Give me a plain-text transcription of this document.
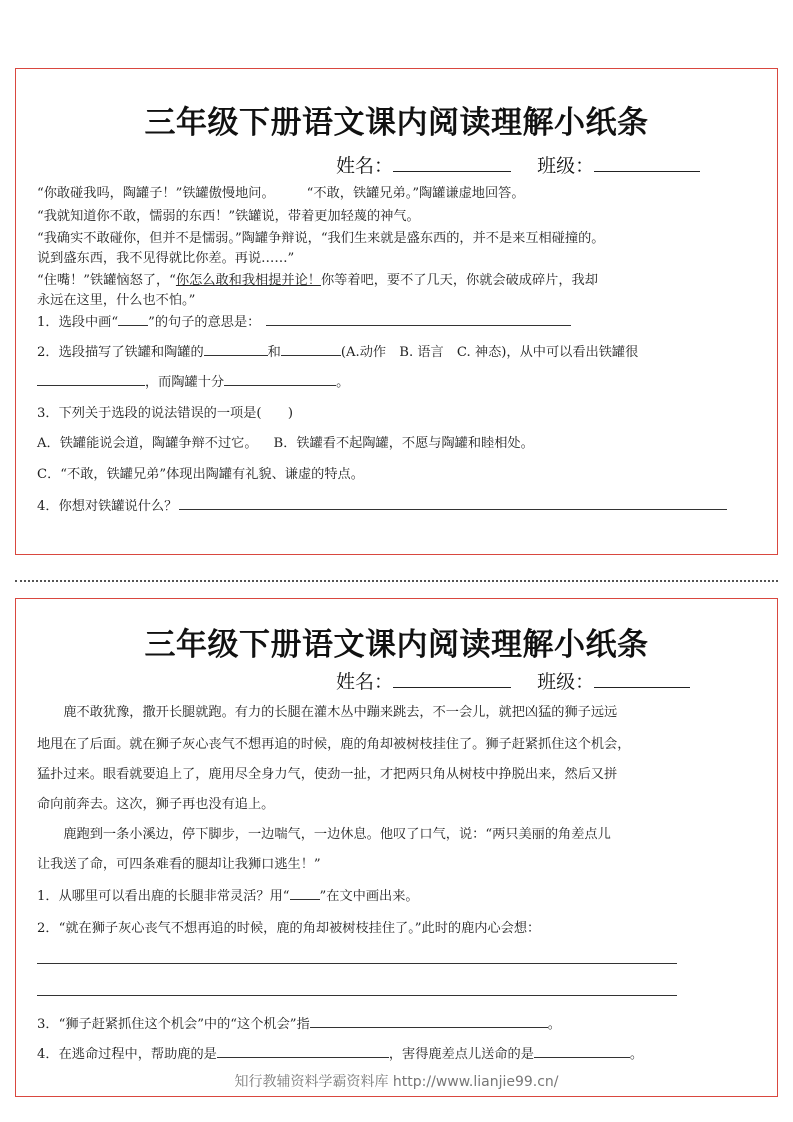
三年级下册语文课内阅读理解小纸条
姓名：	班级：
“你敢碰我吗，陶罐子！”铁罐傲慢地问。 “不敢，铁罐兄弟。”陶罐谦虚地回答。
“我就知道你不敢，懦弱的东西！”铁罐说，带着更加轻蔑的神气。
“我确实不敢碰你，但并不是懦弱。”陶罐争辩说，“我们生来就是盛东西的，并不是来互相碰撞的。
说到盛东西，我不见得就比你差。再说……”
“住嘴！”铁罐恼怒了，“你怎么敢和我相提并论！你等着吧，要不了几天，你就会破成碎片，我却
永远在这里，什么也不怕。”
1．选段中画“ ”的句子的意思是：
2．选段描写了铁罐和陶罐的	和	(A.动作　B. 语言　C. 神态)，从中可以看出铁罐很
，而陶罐十分	。
3．下列关于选段的说法错误的一项是(　　)
A．铁罐能说会道，陶罐争辩不过它。 B．铁罐看不起陶罐，不愿与陶罐和睦相处。
C．“不敢，铁罐兄弟”体现出陶罐有礼貌、谦虚的特点。
4．你想对铁罐说什么？
三年级下册语文课内阅读理解小纸条
姓名：	班级：
　　鹿不敢犹豫，撒开长腿就跑。有力的长腿在灌木丛中蹦来跳去，不一会儿，就把凶猛的狮子远远
地甩在了后面。就在狮子灰心丧气不想再追的时候，鹿的角却被树枝挂住了。狮子赶紧抓住这个机会，
猛扑过来。眼看就要追上了，鹿用尽全身力气，使劲一扯，才把两只角从树枝中挣脱出来，然后又拼
命向前奔去。这次，狮子再也没有追上。
　　鹿跑到一条小溪边，停下脚步，一边喘气，一边休息。他叹了口气，说：“两只美丽的角差点儿
让我送了命，可四条难看的腿却让我狮口逃生！”
1．从哪里可以看出鹿的长腿非常灵活？用“ ”在文中画出来。
2．“就在狮子灰心丧气不想再追的时候，鹿的角却被树枝挂住了。”此时的鹿内心会想：
3．“狮子赶紧抓住这个机会”中的“这个机会”指	。
4．在逃命过程中，帮助鹿的是	，害得鹿差点儿送命的是	。
知行教辅资料学霸资料库 http://www.lianjie99.cn/
